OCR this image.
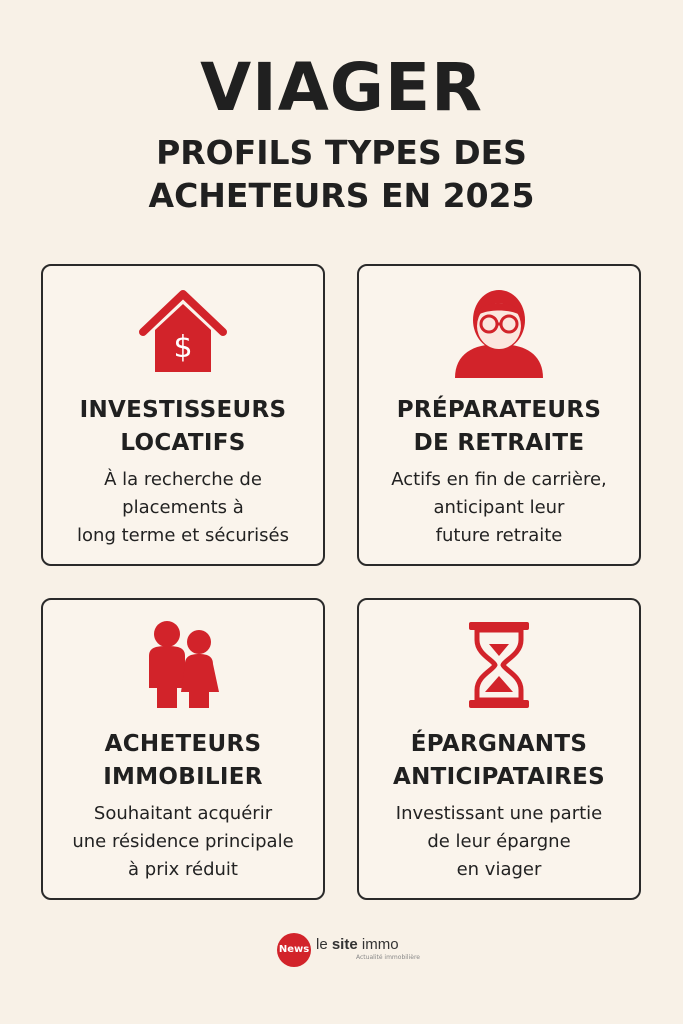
VIAGER
PROFILS TYPES DES
ACHETEURS EN 2025
$
INVESTISSEURS
LOCATIFS
À la recherche de
placements à
long terme et sécurisés
PRÉPARATEURS
DE RETRAITE
Actifs en fin de carrière,
anticipant leur
future retraite
ACHETEURS
IMMOBILIER
Souhaitant acquérir
une résidence principale
à prix réduit
ÉPARGNANTS
ANTICIPATAIRES
Investissant une partie
de leur épargne
en viager
News le site immo
Actualité immobilière
